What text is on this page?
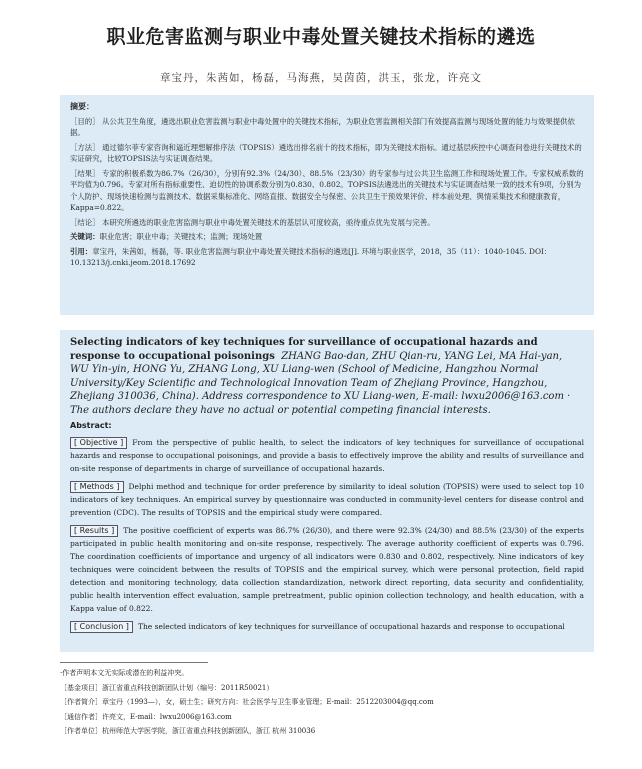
职业危害监测与职业中毒处置关键技术指标的遴选
章宝丹，朱茜如，杨磊，马海燕，吴茵茵，洪玉，张龙，许亮文

摘要：

［目的］ 从公共卫生角度，遴选出职业危害监测与职业中毒处置中的关键技术指标，为职业危害监测相关部门有效提高监测与现场处置的能力与效果提供依据。

［方法］ 通过德尔菲专家咨询和逼近理想解排序法（TOPSIS）遴选出排名前十的技术指标，即为关键技术指标。通过基层疾控中心调查问卷进行关键技术的实证研究，比较TOPSIS法与实证调查结果。

［结果］ 专家的积极系数为86.7%（26/30），分别有92.3%（24/30）、88.5%（23/30）的专家参与过公共卫生监测工作和现场处置工作。专家权威系数的平均值为0.796。专家对所有指标重要性、迫切性的协调系数分别为0.830、0.802。TOPSIS法遴选出的关键技术与实证调查结果一致的技术有9项，分别为个人防护、现场快速检测与监测技术、数据采集标准化、网络直报、数据安全与保密、公共卫生干预效果评价、样本前处理、舆情采集技术和健康教育，Kappa=0.822。

［结论］ 本研究所遴选的职业危害监测与职业中毒处置关键技术的基层认可度较高，亟待重点优先发展与完善。

关键词：职业危害；职业中毒；关键技术；监测；现场处置

引用：章宝丹，朱茜如，杨磊，等. 职业危害监测与职业中毒处置关键技术指标的遴选[J]. 环境与职业医学，2018，35（11）：1040-1045. DOI：10.13213/j.cnki.jeom.2018.17692

Selecting indicators of key techniques for surveillance of occupational hazards and response to occupational poisonings ZHANG Bao-dan, ZHU Qian-ru, YANG Lei, MA Hai-yan, WU Yin-yin, HONG Yu, ZHANG Long, XU Liang-wen (School of Medicine, Hangzhou Normal University/Key Scientific and Technological Innovation Team of Zhejiang Province, Hangzhou, Zhejiang 310036, China). Address correspondence to XU Liang-wen, E-mail: lwxu2006@163.com · The authors declare they have no actual or potential competing financial interests.

Abstract:

[ Objective ] From the perspective of public health, to select the indicators of key techniques for surveillance of occupational hazards and response to occupational poisonings, and provide a basis to effectively improve the ability and results of surveillance and on-site response of departments in charge of surveillance of occupational hazards.

[ Methods ] Delphi method and technique for order preference by similarity to ideal solution (TOPSIS) were used to select top 10 indicators of key techniques. An empirical survey by questionnaire was conducted in community-level centers for disease control and prevention (CDC). The results of TOPSIS and the empirical study were compared.

[ Results ] The positive coefficient of experts was 86.7% (26/30), and there were 92.3% (24/30) and 88.5% (23/30) of the experts participated in public health monitoring and on-site response, respectively. The average authority coefficient of experts was 0.796. The coordination coefficients of importance and urgency of all indicators were 0.830 and 0.802, respectively. Nine indicators of key techniques were coincident between the results of TOPSIS and the empirical survey, which were personal protection, field rapid detection and monitoring technology, data collection standardization, network direct reporting, data security and confidentiality, public health intervention effect evaluation, sample pretreatment, public opinion collection technology, and health education, with a Kappa value of 0.822.

[ Conclusion ] The selected indicators of key techniques for surveillance of occupational hazards and response to occupational

·作者声明本文无实际或潜在的利益冲突。
［基金项目］浙江省重点科技创新团队计划（编号：2011R50021）
［作者简介］章宝丹（1993—），女，硕士生；研究方向：社会医学与卫生事业管理；E-mail：2512203004@qq.com
［通信作者］许亮文，E-mail：lwxu2006@163.com
［作者单位］杭州师范大学医学院，浙江省重点科技创新团队，浙江 杭州 310036
